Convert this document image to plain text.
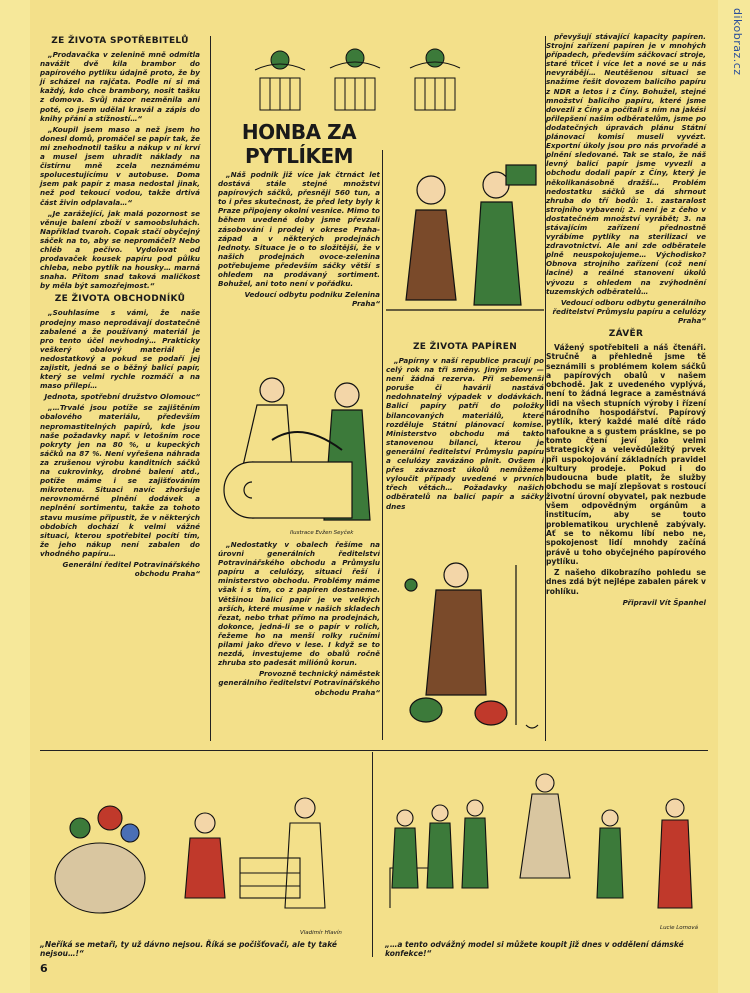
dikobraz.cz
HONBA ZA PYTLÍKEM
ZE ŽIVOTA SPOTŘEBITELŮ

„Prodavačka v zelenině mně odmítla navážit dvě kila brambor do papírového pytlíku údajně proto, že by jí scházel na rajčata. Podle ní si má každý, kdo chce brambory, nosit tašku z domova. Svůj názor nezměnila ani poté, co jsem udělal kravál a zápis do knihy přání a stížností…“

„Koupil jsem maso a než jsem ho donesl domů, promáčel se papír tak, že mi znehodnotil tašku a nákup v ní krví a musel jsem uhradit náklady na čistírnu mně zcela neznámému spolucestujícímu v autobuse. Doma jsem pak papír z masa nedostal jinak, než pod tekoucí vodou, takže drtivá část živin odplavala…“

„Je zarážející, jak malá pozornost se věnuje balení zboží v samoobsluhách. Například tvaroh. Copak stačí obyčejný sáček na to, aby se nepromáčel? Nebo chléb a pečivo. Vydolovat od prodavaček kousek papíru pod půlku chleba, nebo pytlík na housky… marná snaha. Přitom snad taková maličkost by měla být samozřejmost.“

ZE ŽIVOTA OBCHODNÍKŮ

„Souhlasíme s vámi, že naše prodejny maso neprodávají dostatečně zabalené a že používaný materiál je pro tento účel nevhodný… Prakticky veškerý obalový materiál je nedostatkový a pokud se podaří jej zajistit, jedná se o běžný balicí papír, který se velmi rychle rozmáčí a na maso přilepí…

Jednota, spotřební družstvo Olomouc“

„…Trvalé jsou potíže se zajištěním obalového materiálu, především nepromastitelných papírů, kde jsou naše požadavky např. v letošním roce pokryty jen na 80 %, u kupeckých sáčků na 87 %. Není vyřešena náhrada za zrušenou výrobu kanditních sáčků na cukrovinky, drobné balení atd., potíže máme i se zajišťováním mikrotenu. Situaci navíc zhoršuje nerovnoměrné plnění dodávek a neplnění sortimentu, takže za tohoto stavu musíme připustit, že v některých obdobích dochází k velmi vážné situaci, kterou spotřebitel pocítí tím, že jeho nákup není zabalen do vhodného papíru…

Generální ředitel Potravinářského obchodu Praha“

„Náš podnik již více jak čtrnáct let dostává stále stejné množství papírových sáčků, přesněji 560 tun, a to i přes skutečnost, že před lety byly k Praze připojeny okolní vesnice. Mimo to během uvedené doby jsme převzali zásobování i prodej v okrese Praha-západ a v některých prodejnách Jednoty. Situace je o to složitější, že v našich prodejnách ovoce-zelenina potřebujeme především sáčky větší s ohledem na prodávaný sortiment. Bohužel, ani toto není v pořádku.

Vedoucí odbytu podniku Zelenina Praha“

Ilustrace Evžen Seyček

„Nedostatky v obalech řešíme na úrovni generálních ředitelství Potravinářského obchodu a Průmyslu papíru a celulózy, situaci řeší i ministerstvo obchodu. Problémy máme však i s tím, co z papíren dostaneme. Většinou balicí papír je ve velkých arších, které musíme v našich skladech řezat, nebo trhat přímo na prodejnách, dokonce, jedná-li se o papír v rolích, řežeme ho na menší rolky ručními pilami jako dřevo v lese. I když se to nezdá, investujeme do obalů ročně zhruba sto padesát miliónů korun.

Provozně technický náměstek generálního ředitelství Potravinářského obchodu Praha“

ZE ŽIVOTA PAPÍREN

„Papírny v naší republice pracují po celý rok na tři směny. Jiným slovy — není žádná rezerva. Při sebemenší poruše či havárii nastává nedohnatelný výpadek v dodávkách. Balicí papíry patří do položky bilancovaných materiálů, které rozděluje Státní plánovací komise. Ministerstvo obchodu má takto stanovenou bilanci, kterou je generální ředitelství Průmyslu papíru a celulózy zavázáno plnit. Ovšem i přes závaznost úkolů nemůžeme vyloučit případy uvedené v prvních třech větách… Požadavky našich odběratelů na balicí papír a sáčky dnes

převyšují stávající kapacity papíren. Strojní zařízení papíren je v mnohých případech, především sáčkovací stroje, staré třicet i více let a nové se u nás nevyrábějí… Neutěšenou situaci se snažíme řešit dovozem balicího papíru z NDR a letos i z Číny. Bohužel, stejné množství balicího papíru, které jsme dovezli z Číny a počítali s ním na jakési přilepšení našim odběratelům, jsme po dodatečných úpravách plánu Státní plánovací komisí museli vyvézt. Exportní úkoly jsou pro nás prvořadé a plnění sledované. Tak se stalo, že náš levný balicí papír jsme vyvezli a obchodu dodali papír z Číny, který je několikanásobně dražší… Problém nedostatku sáčků se dá shrnout zhruba do tří bodů: 1. zastaralost strojního vybavení; 2. není je z čeho v dostatečném množství vyrábět; 3. na stávajícím zařízení přednostně vyrábíme pytlíky na sterilizaci ve zdravotnictví. Ale ani zde odběratele plně neuspokojujeme… Východisko? Obnova strojního zařízení (což není laciné) a reálné stanovení úkolů vývozu s ohledem na zvýhodnění tuzemských odběratelů…

Vedoucí odboru odbytu generálního ředitelství Průmyslu papíru a celulózy Praha“

ZÁVĚR

Vážený spotřebiteli a náš čtenáři. Stručně a přehledně jsme tě seznámili s problémem kolem sáčků a papírových obalů v našem obchodě. Jak z uvedeného vyplývá, není to žádná legrace a zaměstnává lidi na všech stupních výroby i řízení národního hospodářství. Papírový pytlík, který každé malé dítě rádo nafoukne a s gustem prásklne, se po tomto čtení jeví jako velmi strategický a velevědůležitý prvek při uspokojování základních pravidel kultury prodeje. Pokud i do budoucna bude platit, že služby obchodu se mají zlepšovat s rostoucí životní úrovní obyvatel, pak nezbude všem odpovědným orgánům a institucím, aby se touto problematikou urychleně zabývaly. Ať se to někomu líbí nebo ne, spokojenost lidí mnohdy začíná právě u toho obyčejného papírového pytlíku.

Z našeho dikobrazího pohledu se dnes zdá být nejlépe zabalen párek v rohlíku.

Připravil Vít Španhel

Vladimír Hlavín
„Neříká se metaři, ty už dávno nejsou. Říká se počišťovači, ale ty také nejsou…!“
Lucie Lomová
„…a tento odvážný model si můžete koupit již dnes v oddělení dámské konfekce!“
6
